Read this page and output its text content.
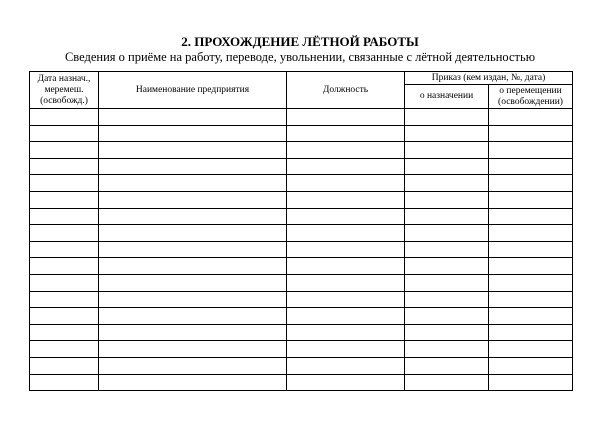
2. ПРОХОЖДЕНИЕ ЛЁТНОЙ РАБОТЫ
Сведения о приёме на работу, переводе, увольнении, связанные с лётной деятельностью
Дата назнач., меремеш. (освобожд.)	Наименование предприятия	Должность	Приказ (кем издан, №, дата)	
			о назначении	о перемещении (освобождении)
